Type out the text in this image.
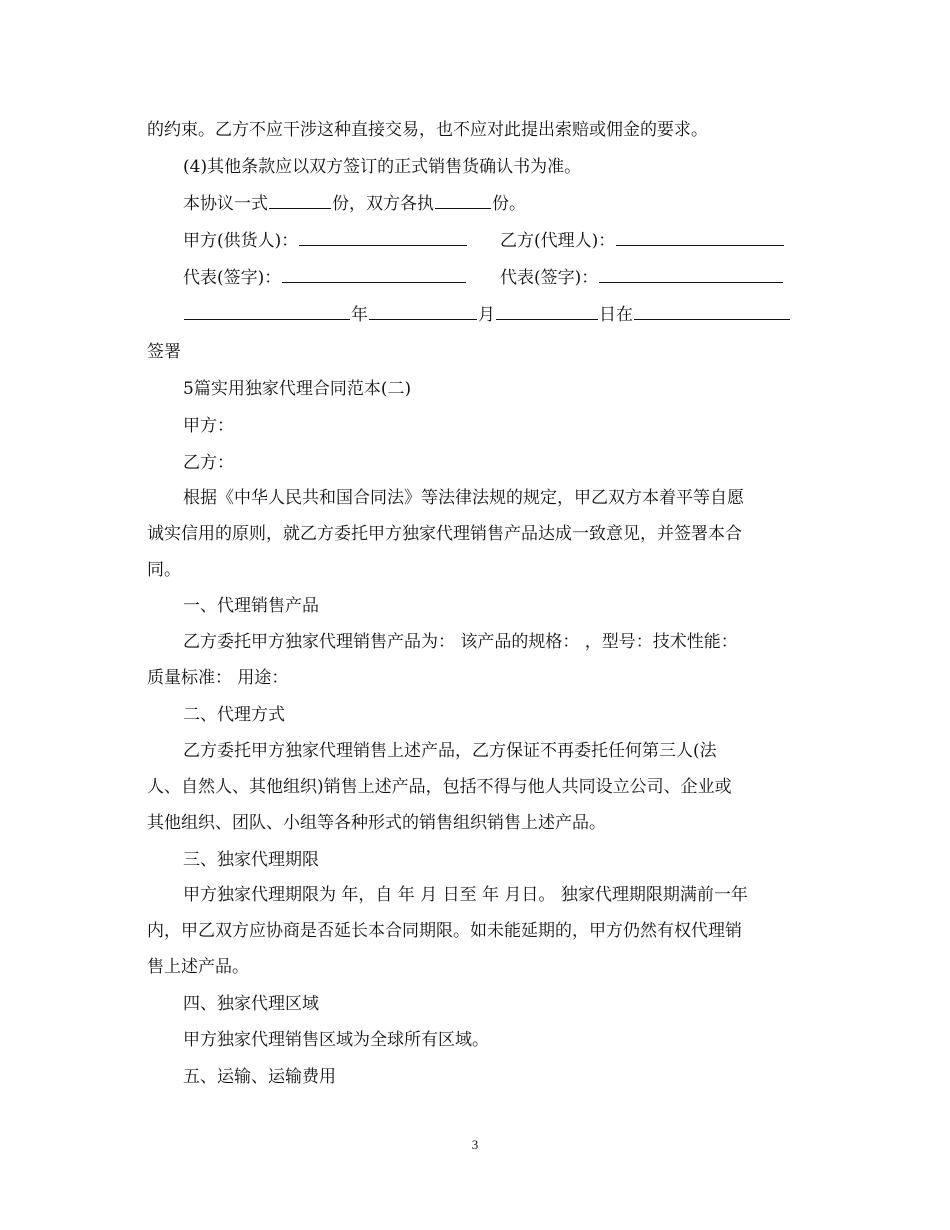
的约束。乙方不应干涉这种直接交易，也不应对此提出索赔或佣金的要求。
(4)其他条款应以双方签订的正式销售货确认书为准。
本协议一式	份，双方各执	份。
甲方(供货人)：	乙方(代理人)：
代表(签字)：	代表(签字)：
年	月	日在
签署
5篇实用独家代理合同范本(二)
甲方：
乙方：
根据《中华人民共和国合同法》等法律法规的规定，甲乙双方本着平等自愿
诚实信用的原则，就乙方委托甲方独家代理销售产品达成一致意见，并签署本合
同。
一、代理销售产品
乙方委托甲方独家代理销售产品为： 该产品的规格： ，型号：技术性能：
质量标准： 用途：
二、代理方式
乙方委托甲方独家代理销售上述产品，乙方保证不再委托任何第三人(法
人、自然人、其他组织)销售上述产品，包括不得与他人共同设立公司、企业或
其他组织、团队、小组等各种形式的销售组织销售上述产品。
三、独家代理期限
甲方独家代理期限为 年，自 年 月 日至 年 月日。 独家代理期限期满前一年
内，甲乙双方应协商是否延长本合同期限。如未能延期的，甲方仍然有权代理销
售上述产品。
四、独家代理区域
甲方独家代理销售区域为全球所有区域。
五、运输、运输费用
3
